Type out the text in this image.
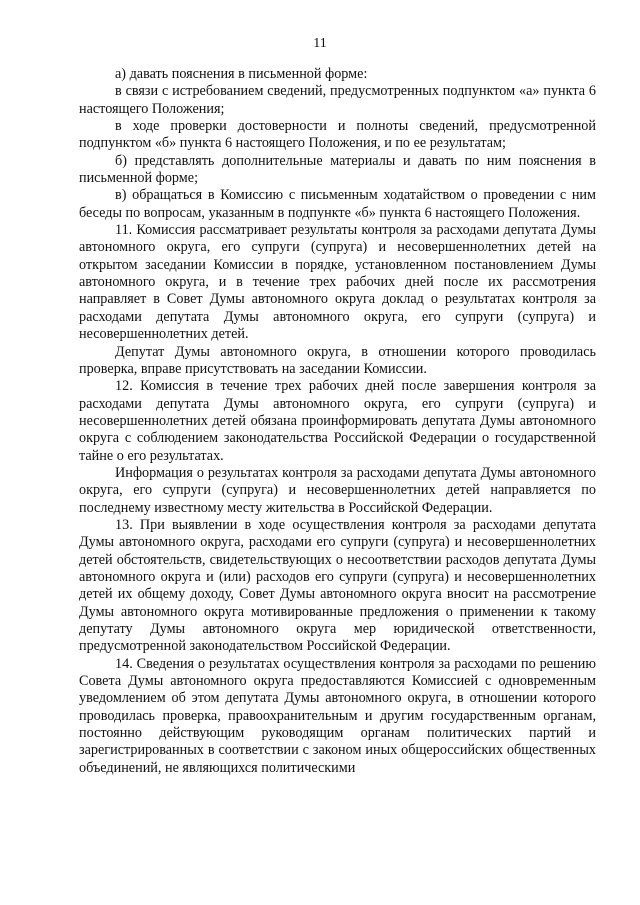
11

а) давать пояснения в письменной форме:

в связи с истребованием сведений, предусмотренных подпунктом «а» пункта 6 настоящего Положения;

в ходе проверки достоверности и полноты сведений, предусмотренной подпунктом «б» пункта 6 настоящего Положения, и по ее результатам;

б) представлять дополнительные материалы и давать по ним пояснения в письменной форме;

в) обращаться в Комиссию с письменным ходатайством о проведении с ним беседы по вопросам, указанным в подпункте «б» пункта 6 настоящего Положения.

11. Комиссия рассматривает результаты контроля за расходами депутата Думы автономного округа, его супруги (супруга) и несовершеннолетних детей на открытом заседании Комиссии в порядке, установленном постановлением Думы автономного округа, и в течение трех рабочих дней после их рассмотрения направляет в Совет Думы автономного округа доклад о результатах контроля за расходами депутата Думы автономного округа, его супруги (супруга) и несовершеннолетних детей.

Депутат Думы автономного округа, в отношении которого проводилась проверка, вправе присутствовать на заседании Комиссии.

12. Комиссия в течение трех рабочих дней после завершения контроля за расходами депутата Думы автономного округа, его супруги (супруга) и несовершеннолетних детей обязана проинформировать депутата Думы автономного округа с соблюдением законодательства Российской Федерации о государственной тайне о его результатах.

Информация о результатах контроля за расходами депутата Думы автономного округа, его супруги (супруга) и несовершеннолетних детей направляется по последнему известному месту жительства в Российской Федерации.

13. При выявлении в ходе осуществления контроля за расходами депутата Думы автономного округа, расходами его супруги (супруга) и несовершеннолетних детей обстоятельств, свидетельствующих о несоответствии расходов депутата Думы автономного округа и (или) расходов его супруги (супруга) и несовершеннолетних детей их общему доходу, Совет Думы автономного округа вносит на рассмотрение Думы автономного округа мотивированные предложения о применении к такому депутату Думы автономного округа мер юридической ответственности, предусмотренной законодательством Российской Федерации.

14. Сведения о результатах осуществления контроля за расходами по решению Совета Думы автономного округа предоставляются Комиссией с одновременным уведомлением об этом депутата Думы автономного округа, в отношении которого проводилась проверка, правоохранительным и другим государственным органам, постоянно действующим руководящим органам политических партий и зарегистрированных в соответствии с законом иных общероссийских общественных объединений, не являющихся политическими
